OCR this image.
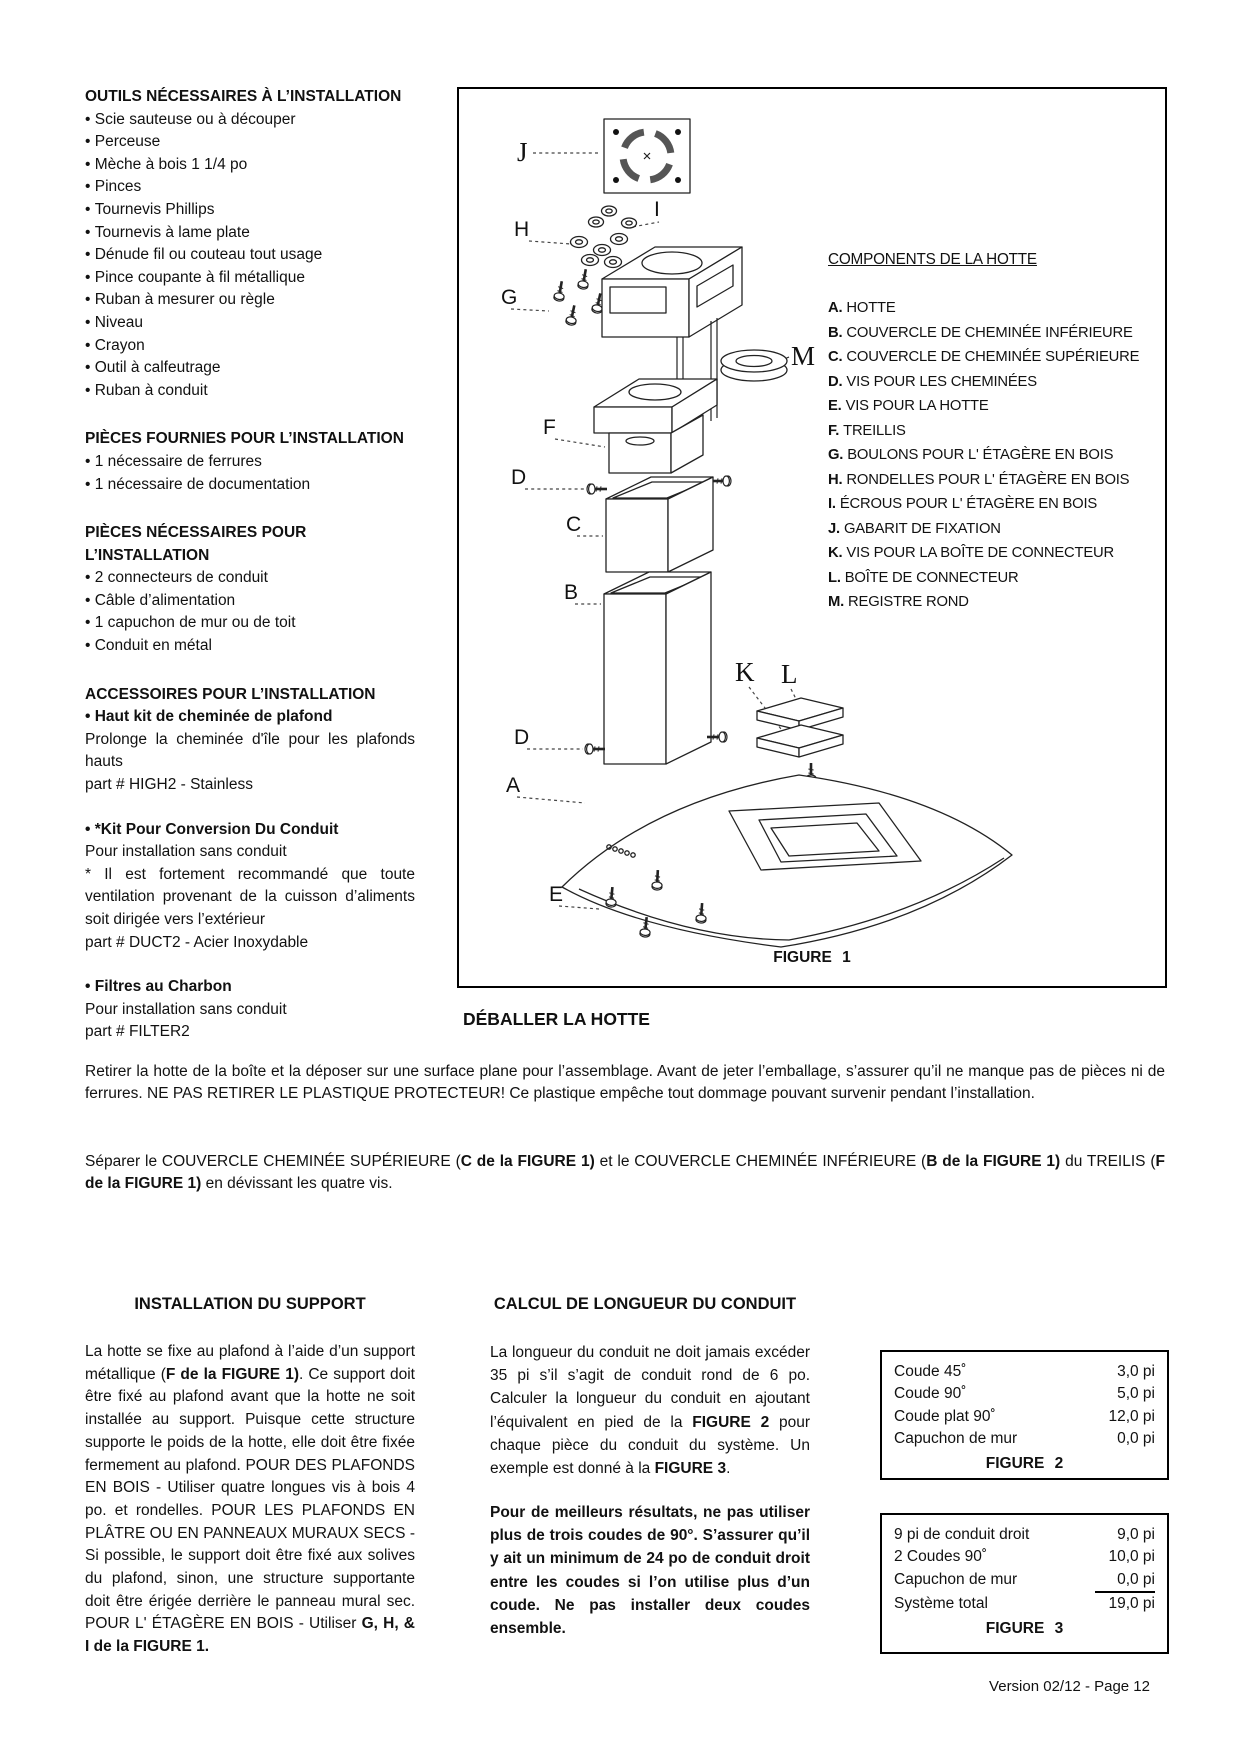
OUTILS NÉCESSAIRES À L’INSTALLATION
• Scie sauteuse ou à découper
• Perceuse
• Mèche à bois 1 1/4 po
• Pinces
• Tournevis Phillips
• Tournevis à lame plate
• Dénude fil ou couteau tout usage
• Pince coupante à fil métallique
• Ruban à mesurer ou règle
• Niveau
• Crayon
• Outil à calfeutrage
• Ruban à conduit
PIÈCES FOURNIES POUR L’INSTALLATION
• 1 nécessaire de ferrures
• 1 nécessaire de documentation
PIÈCES NÉCESSAIRES POUR L’INSTALLATION
• 2 connecteurs de conduit
• Câble d’alimentation
• 1 capuchon de mur ou de toit
• Conduit en métal
ACCESSOIRES POUR L’INSTALLATION
• Haut kit de cheminée de plafond
Prolonge la cheminée d'île pour les plafonds hauts
part # HIGH2 - Stainless
• *Kit Pour Conversion Du Conduit
Pour installation sans conduit
* Il est fortement recommandé que toute ventilation provenant de la cuisson d’aliments soit dirigée vers l’extérieur
part # DUCT2 - Acier Inoxydable
• Filtres au Charbon
Pour installation sans conduit
part # FILTER2
J
I
H
G
F
M
D
C
B
D
K L
A
E
COMPONENTS DE LA HOTTE
A. HOTTE
B. COUVERCLE DE CHEMINÉE INFÉRIEURE
C. COUVERCLE DE CHEMINÉE SUPÉRIEURE
D. VIS POUR LES CHEMINÉES
E. VIS POUR LA HOTTE
F. TREILLIS
G. BOULONS POUR L' ÉTAGÈRE EN BOIS
H. RONDELLES POUR L' ÉTAGÈRE EN BOIS
I. ÉCROUS POUR L' ÉTAGÈRE EN BOIS
J. GABARIT DE FIXATION
K. VIS POUR LA BOÎTE DE CONNECTEUR
L. BOÎTE DE CONNECTEUR
M. REGISTRE ROND
FIGURE 1
DÉBALLER LA HOTTE
Retirer la hotte de la boîte et la déposer sur une surface plane pour l’assemblage. Avant de jeter l’emballage, s’assurer qu’il ne manque pas de pièces ni de ferrures. NE PAS RETIRER LE PLASTIQUE PROTECTEUR! Ce plastique empêche tout dommage pouvant survenir pendant l’installation.
Séparer le COUVERCLE CHEMINÉE SUPÉRIEURE (C de la FIGURE 1) et le COUVERCLE CHEMINÉE INFÉRIEURE (B de la FIGURE 1) du TREILIS (F de la FIGURE 1) en dévissant les quatre vis.
INSTALLATION DU SUPPORT	CALCUL DE LONGUEUR DU CONDUIT
La hotte se fixe au plafond à l’aide d’un support métallique (F de la FIGURE 1). Ce support doit être fixé au plafond avant que la hotte ne soit installée au support. Puisque cette structure supporte le poids de la hotte, elle doit être fixée fermement au plafond. POUR DES PLAFONDS EN BOIS - Utiliser quatre longues vis à bois 4 po. et rondelles. POUR LES PLAFONDS EN PLÂTRE OU EN PANNEAUX MURAUX SECS - Si possible, le support doit être fixé aux solives du plafond, sinon, une structure supportante doit être érigée derrière le panneau mural sec. POUR L' ÉTAGÈRE EN BOIS - Utiliser G, H, & I de la FIGURE 1.
La longueur du conduit ne doit jamais excéder 35 pi s’il s’agit de conduit rond de 6 po. Calculer la longueur du conduit en ajoutant l’équivalent en pied de la FIGURE 2 pour chaque pièce du conduit du système. Un exemple est donné à la FIGURE 3.
Pour de meilleurs résultats, ne pas utiliser plus de trois coudes de 90°. S’assurer qu’il y ait un minimum de 24 po de conduit droit entre les coudes si l’on utilise plus d’un coude. Ne pas installer deux coudes ensemble.
Coude 45˚	3,0 pi
Coude 90˚	5,0 pi
Coude plat 90˚	12,0 pi
Capuchon de mur	0,0 pi
FIGURE 2
9 pi de conduit droit	9,0 pi
2 Coudes 90˚	10,0 pi
Capuchon de mur	0,0 pi
Système total	19,0 pi
FIGURE 3
Version 02/12 - Page 12
